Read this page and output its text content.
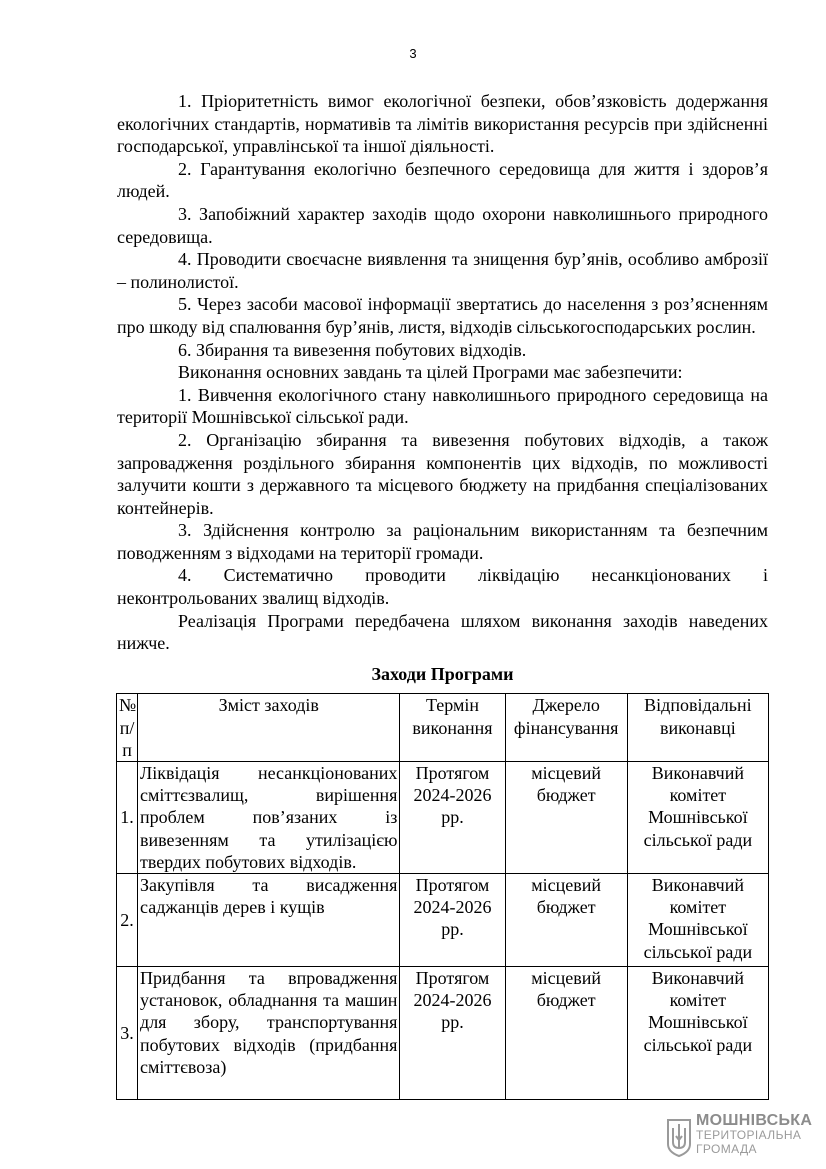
3

1. Пріоритетність вимог екологічної безпеки, обов’язковість додержання екологічних стандартів, нормативів та лімітів використання ресурсів при здійсненні господарської, управлінської та іншої діяльності.

2. Гарантування екологічно безпечного середовища для життя і здоров’я людей.

3. Запобіжний характер заходів щодо охорони навколишнього природного середовища.

4. Проводити своєчасне виявлення та знищення бур’янів, особливо амброзії – полинолистої.

5. Через засоби масової інформації звертатись до населення з роз’ясненням про шкоду від спалювання бур’янів, листя, відходів сільськогосподарських рослин.

6. Збирання та вивезення побутових відходів.

Виконання основних завдань та цілей Програми має забезпечити:

1. Вивчення екологічного стану навколишнього природного середовища на території Мошнівської сільської ради.

2. Організацію збирання та вивезення побутових відходів, а також запровадження роздільного збирання компонентів цих відходів, по можливості залучити кошти з державного та місцевого бюджету на придбання спеціалізованих контейнерів.

3. Здійснення контролю за раціональним використанням та безпечним поводженням з відходами на території громади.

4. Систематично проводити ліквідацію несанкціонованих і неконтрольованих звалищ відходів.

Реалізація Програми передбачена шляхом виконання заходів наведених нижче.

Заходи Програми
№ п/п	Зміст заходів	Термін виконання	Джерело фінансування	Відповідальні виконавці
1.	Ліквідація несанкціонованих сміттєзвалищ, вирішення проблем пов’язаних із вивезенням та утилізацією твердих побутових відходів.	Протягом 2024-2026 рр.	місцевий бюджет	Виконавчий комітет Мошнівської сільської ради
2.	Закупівля та висадження саджанців дерев і кущів	Протягом 2024-2026 рр.	місцевий бюджет	Виконавчий комітет Мошнівської сільської ради
3.	Придбання та впровадження установок, обладнання та машин для збору, транспортування побутових відходів (придбання сміттєвоза)	Протягом 2024-2026 рр.	місцевий бюджет	Виконавчий комітет Мошнівської сільської ради
МОШНІВСЬКА
ТЕРИТОРІАЛЬНА
ГРОМАДА
